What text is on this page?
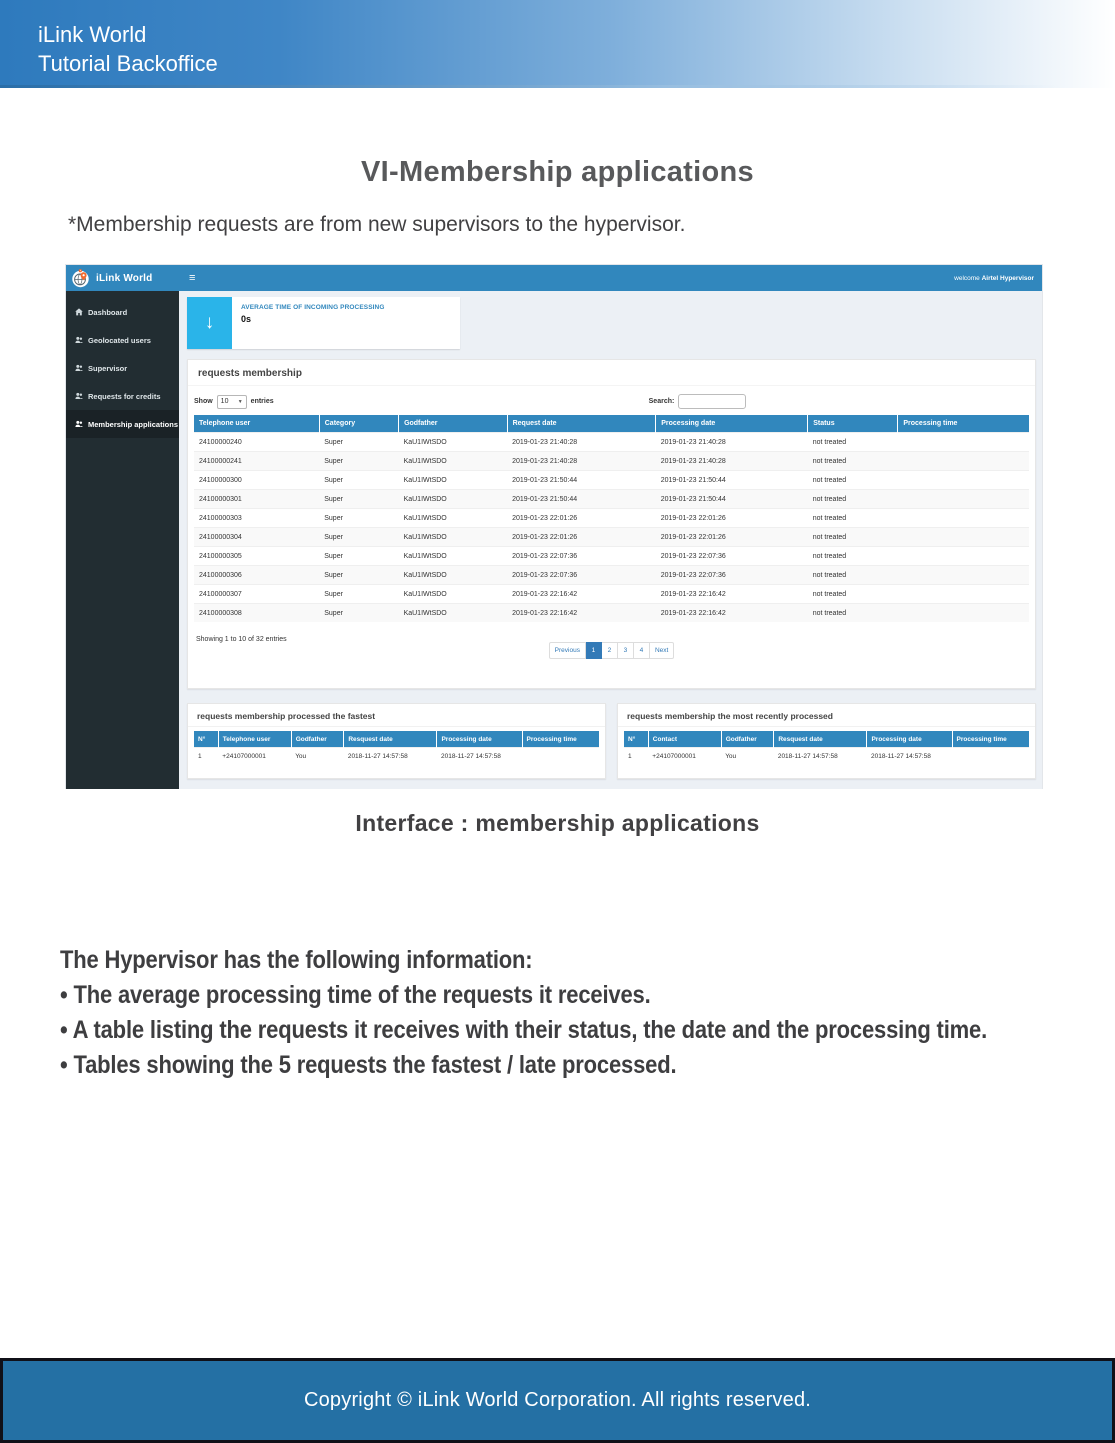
iLink World
Tutorial Backoffice
VI-Membership applications

*Membership requests are from new supervisors to the hypervisor.

iLink World	≡	welcome Airtel Hypervisor
Dashboard
Geolocated users
Supervisor
Requests for credits
Membership applications
↓
AVERAGE TIME OF INCOMING PROCESSING
0s
requests membership
Show 10 ▼ entries	Search:
Telephone user	Category	Godfather	Request date	Processing date	Status	Processing time
24100000240	Super	KaU1IWtSDO	2019-01-23 21:40:28	2019-01-23 21:40:28	not treated	
24100000241	Super	KaU1IWtSDO	2019-01-23 21:40:28	2019-01-23 21:40:28	not treated	
24100000300	Super	KaU1IWtSDO	2019-01-23 21:50:44	2019-01-23 21:50:44	not treated	
24100000301	Super	KaU1IWtSDO	2019-01-23 21:50:44	2019-01-23 21:50:44	not treated	
24100000303	Super	KaU1IWtSDO	2019-01-23 22:01:26	2019-01-23 22:01:26	not treated	
24100000304	Super	KaU1IWtSDO	2019-01-23 22:01:26	2019-01-23 22:01:26	not treated	
24100000305	Super	KaU1IWtSDO	2019-01-23 22:07:36	2019-01-23 22:07:36	not treated	
24100000306	Super	KaU1IWtSDO	2019-01-23 22:07:36	2019-01-23 22:07:36	not treated	
24100000307	Super	KaU1IWtSDO	2019-01-23 22:16:42	2019-01-23 22:16:42	not treated	
24100000308	Super	KaU1IWtSDO	2019-01-23 22:16:42	2019-01-23 22:16:42	not treated	
Showing 1 to 10 of 32 entries
Previous	1	2	3	4	Next
requests membership processed the fastest
N°	Telephone user	Godfather	Resquest date	Processing date	Processing time
1	+24107000001	You	2018-11-27 14:57:58	2018-11-27 14:57:58	
requests membership the most recently processed
N°	Contact	Godfather	Resquest date	Processing date	Processing time
1	+24107000001	You	2018-11-27 14:57:58	2018-11-27 14:57:58	
Interface : membership applications
The Hypervisor has the following information:
• The average processing time of the requests it receives.
• A table listing the requests it receives with their status, the date and the processing time.
• Tables showing the 5 requests the fastest / late processed.
Copyright © iLink World Corporation. All rights reserved.
